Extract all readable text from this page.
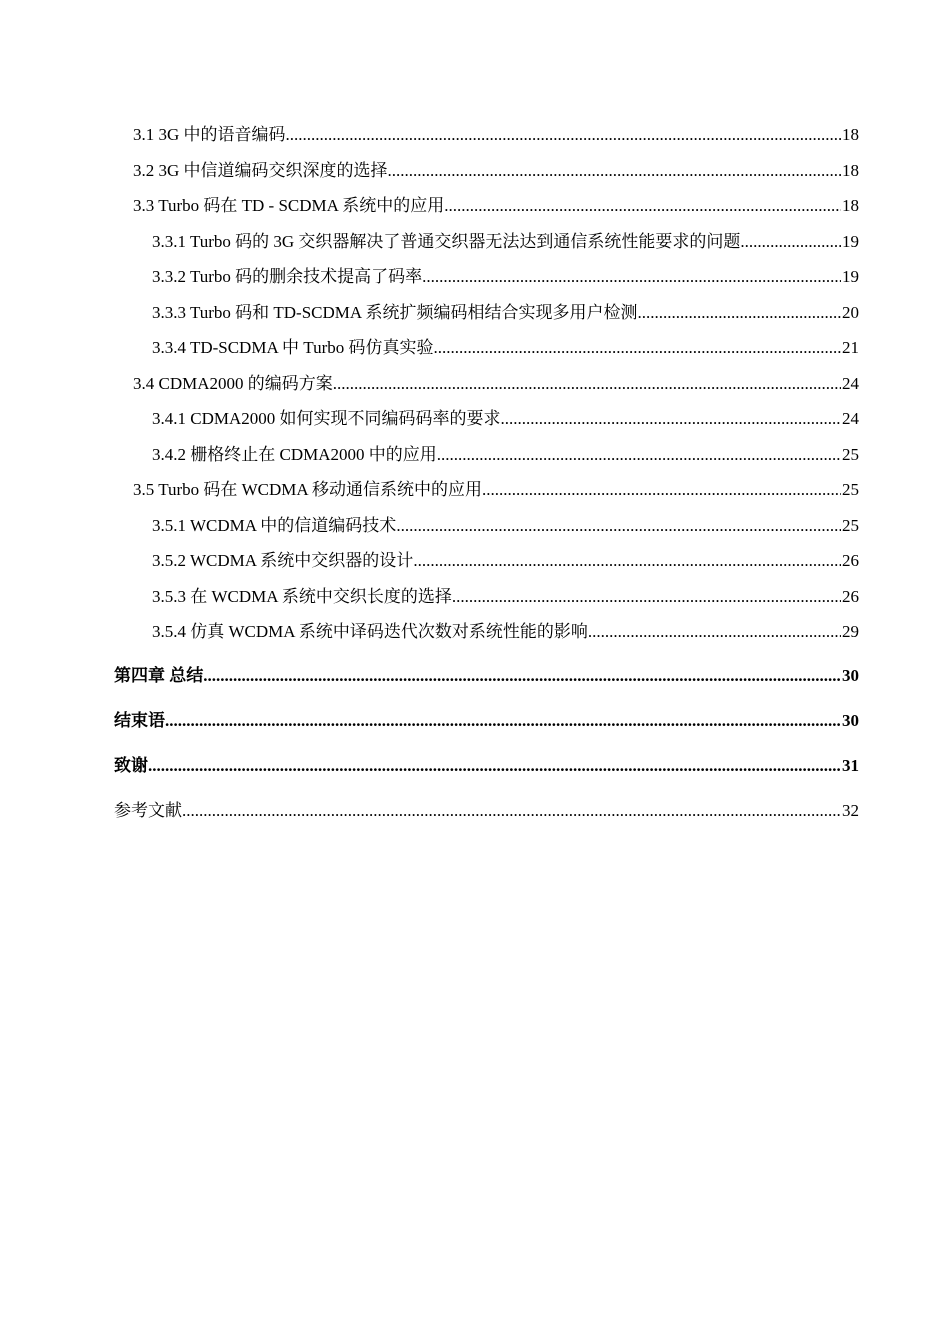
3.1 3G 中的语音编码 .....	18
3.2 3G 中信道编码交织深度的选择 .....	18
3.3 Turbo 码在 TD - SCDMA 系统中的应用 .....	18
3.3.1 Turbo 码的 3G 交织器解决了普通交织器无法达到通信系统性能要求的问题 .....	19
3.3.2 Turbo 码的删余技术提高了码率 .....	19
3.3.3 Turbo 码和 TD-SCDMA 系统扩频编码相结合实现多用户检测 .....	20
3.3.4 TD-SCDMA 中 Turbo 码仿真实验 .....	21
3.4 CDMA2000 的编码方案 .....	24
3.4.1 CDMA2000 如何实现不同编码码率的要求 .....	24
3.4.2 栅格终止在 CDMA2000 中的应用 .....	25
3.5 Turbo 码在 WCDMA 移动通信系统中的应用 .....	25
3.5.1 WCDMA 中的信道编码技术 .....	25
3.5.2 WCDMA 系统中交织器的设计 .....	26
3.5.3 在 WCDMA 系统中交织长度的选择 .....	26
3.5.4 仿真 WCDMA 系统中译码迭代次数对系统性能的影响 .....	29
第四章 总结 .....	30
结束语 .....	30
致谢 .....	31
参考文献 .....	32
